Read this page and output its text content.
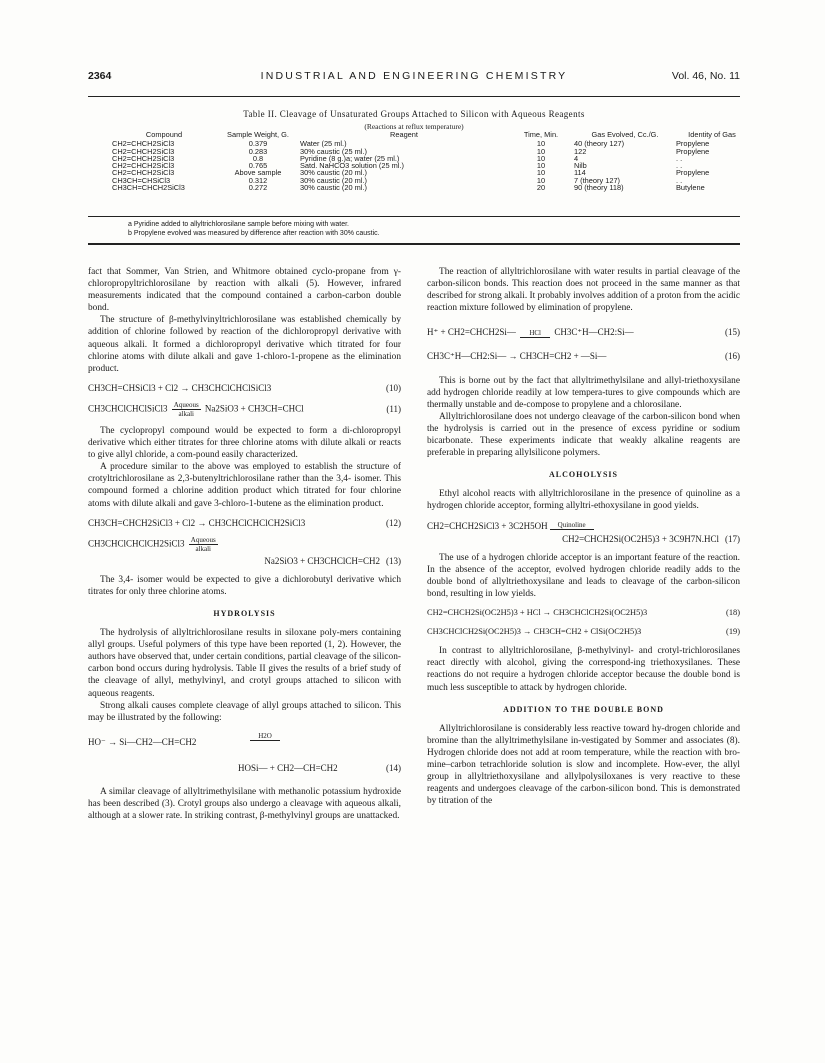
2364	INDUSTRIAL AND ENGINEERING CHEMISTRY	Vol. 46, No. 11
Table II. Cleavage of Unsaturated Groups Attached to Silicon with Aqueous Reagents
(Reactions at reflux temperature)
Compound	Sample Weight, G.	Reagent	Time, Min.	Gas Evolved, Cc./G.	Identity of Gas
CH2=CHCH2SiCl3	0.379	Water (25 ml.)	10	40 (theory 127)	Propylene
CH2=CHCH2SiCl3	0.283	30% caustic (25 ml.)	10	122	Propylene
CH2=CHCH2SiCl3	0.8	Pyridine (8 g.)a; water (25 ml.)	10	4	. .
CH2=CHCH2SiCl3	0.765	Satd. NaHCO3 solution (25 ml.)	10	Nilb	. .
CH2=CHCH2SiCl3	Above sample	30% caustic (20 ml.)	10	114	Propylene
CH3CH=CHSiCl3	0.312	30% caustic (20 ml.)	10	7 (theory 127)	. .
CH3CH=CHCH2SiCl3	0.272	30% caustic (20 ml.)	20	90 (theory 118)	Butylene
a Pyridine added to allyltrichlorosilane sample before mixing with water.
b Propylene evolved was measured by difference after reaction with 30% caustic.

fact that Sommer, Van Strien, and Whitmore obtained cyclo-propane from γ-chloropropyltrichlorosilane by reaction with alkali (5). However, infrared measurements indicated that the compound contained a carbon-carbon double bond.

The structure of β-methylvinyltrichlorosilane was established chemically by addition of chlorine followed by reaction of the dichloropropyl derivative with aqueous alkali. It formed a dichloropropyl derivative which titrated for four chlorine atoms with dilute alkali and gave 1-chloro-1-propene as the elimination product.

CH3CH=CHSiCl3 + Cl2 → CH3CHClCHClSiCl3	(10)
CH3CHClCHClSiCl3 $\frac{\text{Aqueous}}{\text{alkali}} Na2SiO3$ + CH3CH=CHCl	(11)

The cyclopropyl compound would be expected to form a di-chloropropyl derivative which either titrates for three chlorine atoms with dilute alkali or reacts to give allyl chloride, a com-pound easily characterized.

A procedure similar to the above was employed to establish the structure of crotyltrichlorosilane as 2,3-butenyltrichlorosilane rather than the 3,4- isomer. This compound formed a chlorine addition product which titrated for four chlorine atoms with dilute alkali and gave 3-chloro-1-butene as the elimination product.

CH3CH=CHCH2SiCl3 + Cl2 → CH3CHClCHClCH2SiCl3	(12)
CH3CHClCHClCH2SiCl3 $\frac{\text{Aqueous}}{\text{alkali}}$
Na2SiO3 + CH3CHClCH=CH2 (13)

The 3,4- isomer would be expected to give a dichlorobutyl derivative which titrates for only three chlorine atoms.

HYDROLYSIS

The hydrolysis of allyltrichlorosilane results in siloxane poly-mers containing allyl groups. Useful polymers of this type have been reported (1, 2). However, the authors have observed that, under certain conditions, partial cleavage of the silicon-carbon bond occurs during hydrolysis. Table II gives the results of a brief study of the cleavage of allyl, methylvinyl, and crotyl groups attached to silicon with aqueous reagents.

Strong alkali causes complete cleavage of allyl groups attached to silicon. This may be illustrated by the following:

HO⁻ → Si—CH2—CH=CH2
H2O
HOSi— + CH2—CH=CH2	(14)

A similar cleavage of allyltrimethylsilane with methanolic potassium hydroxide has been described (3). Crotyl groups also undergo a cleavage with aqueous alkali, although at a slower rate. In striking contrast, β-methylvinyl groups are unattacked.

The reaction of allyltrichlorosilane with water results in partial cleavage of the carbon-silicon bonds. This reaction does not proceed in the same manner as that described for strong alkali. It probably involves addition of a proton from the acidic reaction mixture followed by elimination of propylene.

H⁺ + CH2=CHCH2Si—	HCl	CH3C⁺H—CH2:Si—	(15)
CH3C⁺H—CH2:Si— → CH3CH=CH2 + —Si—	(16)

This is borne out by the fact that allyltrimethylsilane and allyl-triethoxysilane add hydrogen chloride readily at low tempera-tures to give compounds which are thermally unstable and de-compose to propylene and a chlorosilane.

Allyltrichlorosilane does not undergo cleavage of the carbon-silicon bond when the hydrolysis is carried out in the presence of excess pyridine or sodium bicarbonate. These experiments indicate that weakly alkaline reagents are preferable in preparing allylsilicone polymers.

ALCOHOLYSIS

Ethyl alcohol reacts with allyltrichlorosilane in the presence of quinoline as a hydrogen chloride acceptor, forming allyltri-ethoxysilane in good yields.

CH2=CHCH2SiCl3 + 3C2H5OH	Quinoline
CH2=CHCH2Si(OC2H5)3 + 3C9H7N.HCl (17)

The use of a hydrogen chloride acceptor is an important feature of the reaction. In the absence of the acceptor, evolved hydrogen chloride readily adds to the double bond of allyltriethoxysilane and leads to cleavage of the carbon-silicon bond, resulting in low yields.

CH2=CHCH2Si(OC2H5)3 + HCl → CH3CHClCH2Si(OC2H5)3	(18)
CH3CHClCH2Si(OC2H5)3 → CH3CH=CH2 + ClSi(OC2H5)3	(19)

In contrast to allyltrichlorosilane, β-methylvinyl- and crotyl-trichlorosilanes react directly with alcohol, giving the correspond-ing triethoxysilanes. These reactions do not require a hydrogen chloride acceptor because the double bond is much less susceptible to attack by hydrogen chloride.

ADDITION TO THE DOUBLE BOND

Allyltrichlorosilane is considerably less reactive toward hy-drogen chloride and bromine than the allyltrimethylsilane in-vestigated by Sommer and associates (8). Hydrogen chloride does not add at room temperature, while the reaction with bro-mine–carbon tetrachloride solution is slow and incomplete. How-ever, the allyl group in allyltriethoxysilane and allylpolysiloxanes is very reactive to these reagents and undergoes cleavage of the carbon-silicon bond. This is demonstrated by titration of the
